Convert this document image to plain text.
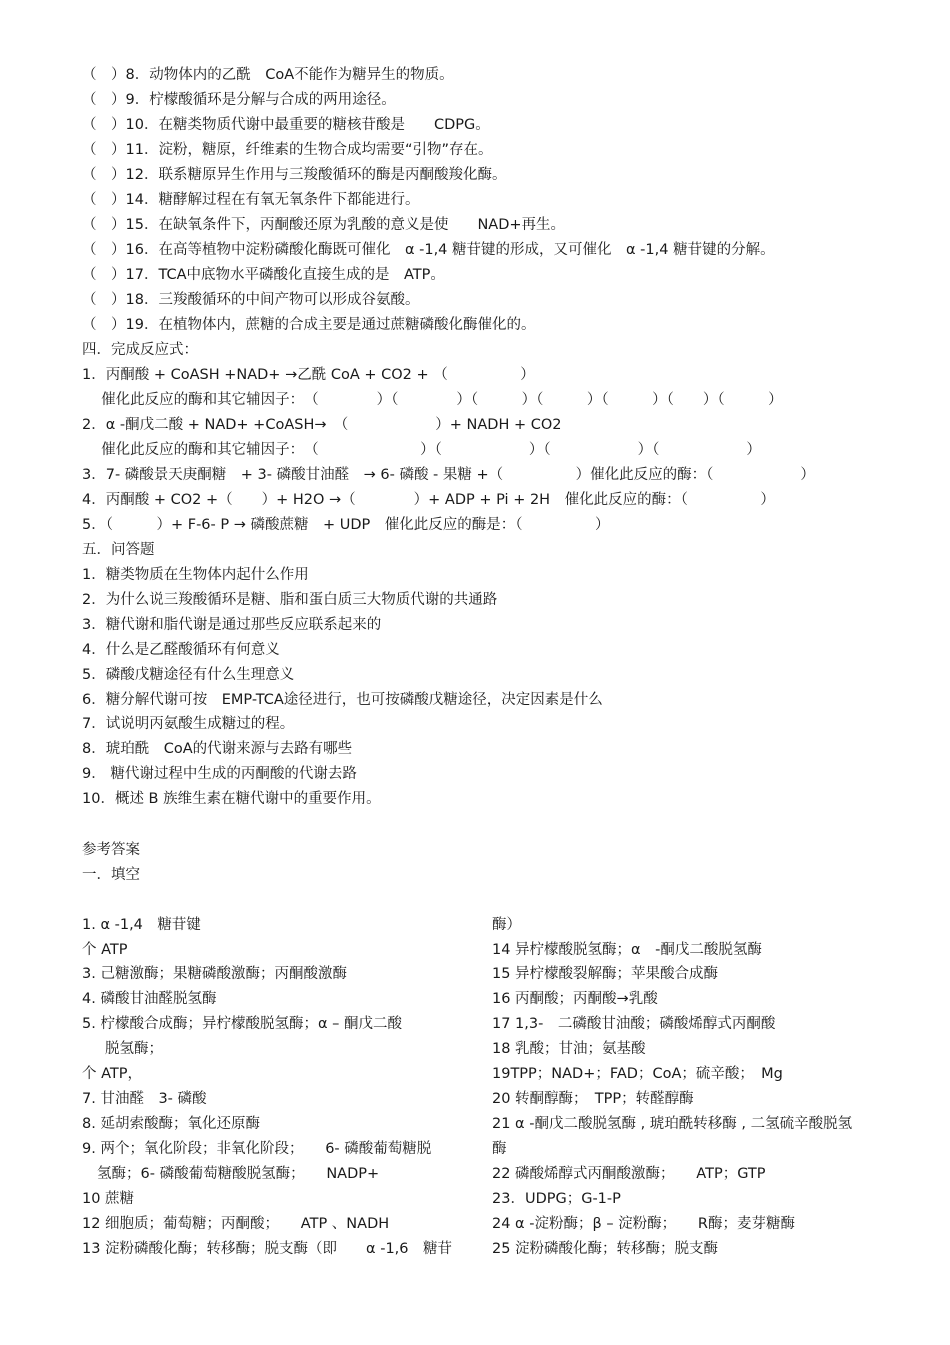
（　）8．动物体内的乙酰　CoA不能作为糖异生的物质。
（　）9．柠檬酸循环是分解与合成的两用途径。
（　）10．在糖类物质代谢中最重要的糖核苷酸是　　CDPG。
（　）11．淀粉，糖原，纤维素的生物合成均需要“引物”存在。
（　）12．联系糖原异生作用与三羧酸循环的酶是丙酮酸羧化酶。
（　）14．糖酵解过程在有氧无氧条件下都能进行。
（　）15．在缺氧条件下，丙酮酸还原为乳酸的意义是使　　NAD+再生。
（　）16．在高等植物中淀粉磷酸化酶既可催化　α -1,4 糖苷键的形成，又可催化　α -1,4 糖苷键的分解。
（　）17．TCA中底物水平磷酸化直接生成的是　ATP。
（　）18．三羧酸循环的中间产物可以形成谷氨酸。
（　）19．在植物体内，蔗糖的合成主要是通过蔗糖磷酸化酶催化的。
四．完成反应式：
1．丙酮酸 + CoASH +NAD+ →乙酰 CoA + CO2 + （　　　　　）
　 催化此反应的酶和其它辅因子：　（　　　　）（　　　　）（　　　）（　　　）（　　　）（　　）（　　　）
2．α -酮戊二酸 + NAD+ +CoASH→　（　　　　　　）+ NADH + CO2
　 催化此反应的酶和其它辅因子：　（　　　　　　　）（　　　　　　）（　　　　　　）（　　　　　　）
3．7- 磷酸景天庚酮糖　+ 3- 磷酸甘油醛　→ 6- 磷酸 - 果糖 +（　　　　　）催化此反应的酶：（　　　　　　）
4．丙酮酸 + CO2 +（　　）+ H2O →（　　　　）+ ADP + Pi + 2H　催化此反应的酶：（　　　　　）
5．（　　　）+ F-6- P → 磷酸蔗糖　+ UDP　催化此反应的酶是：（　　　　　）
五．问答题
1．糖类物质在生物体内起什么作用
2．为什么说三羧酸循环是糖、脂和蛋白质三大物质代谢的共通路
3．糖代谢和脂代谢是通过那些反应联系起来的
4．什么是乙醛酸循环有何意义
5．磷酸戊糖途径有什么生理意义
6．糖分解代谢可按　EMP-TCA途径进行，也可按磷酸戊糖途径，决定因素是什么
7．试说明丙氨酸生成糖过的程。
8．琥珀酰　CoA的代谢来源与去路有哪些
9． 糖代谢过程中生成的丙酮酸的代谢去路
10．概述 B 族维生素在糖代谢中的重要作用。
参考答案
一．填空
1. α -1,4　糖苷键
个 ATP
3. 己糖激酶；果糖磷酸激酶；丙酮酸激酶
4. 磷酸甘油醛脱氢酶
5. 柠檬酸合成酶；异柠檬酸脱氢酶；α – 酮戊二酸
脱氢酶；
个 ATP，
7. 甘油醛　3- 磷酸
8. 延胡索酸酶；氧化还原酶
9. 两个；氧化阶段；非氧化阶段；　　6- 磷酸葡萄糖脱
氢酶；6- 磷酸葡萄糖酸脱氢酶；　　NADP+
10 蔗糖
12 细胞质；葡萄糖；丙酮酸；　　ATP 、NADH
13 淀粉磷酸化酶；转移酶；脱支酶（即　　α -1,6　糖苷
酶）
14 异柠檬酸脱氢酶；α　-酮戊二酸脱氢酶
15 异柠檬酸裂解酶；苹果酸合成酶
16 丙酮酸；丙酮酸→乳酸
17 1,3-　二磷酸甘油酸；磷酸烯醇式丙酮酸
18 乳酸；甘油；氨基酸
19TPP；NAD+；FAD；CoA；硫辛酸；　Mg
20 转酮醇酶；　TPP；转醛醇酶
21 α -酮戊二酸脱氢酶 , 琥珀酰转移酶 , 二氢硫辛酸脱氢
酶
22 磷酸烯醇式丙酮酸激酶；　　ATP；GTP
23．UDPG；G-1-P
24 α -淀粉酶；β – 淀粉酶；　　R酶；麦芽糖酶
25 淀粉磷酸化酶；转移酶；脱支酶
